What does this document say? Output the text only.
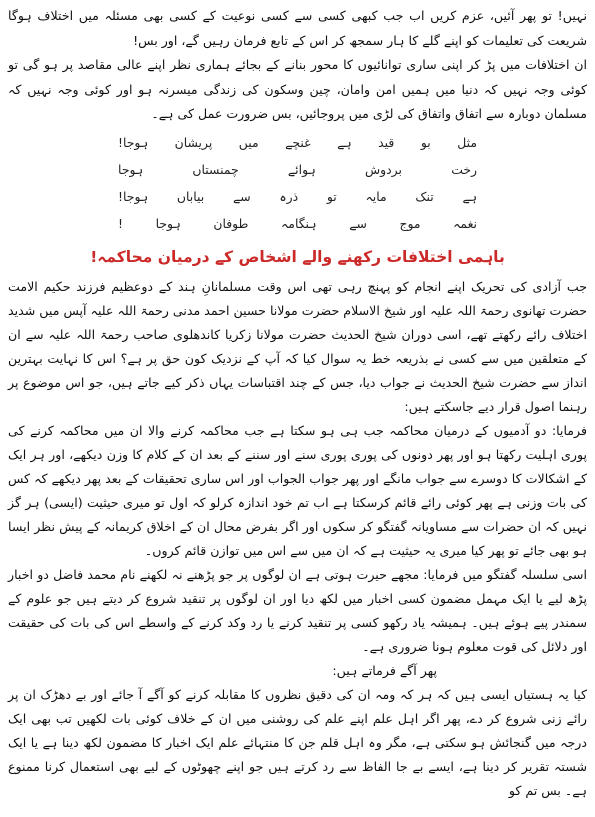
نہیں! تو پھر آئیں، عزم کریں اب جب کبھی کسی سے کسی نوعیت کے کسی بھی مسئلہ میں اختلاف ہوگا شریعت کی تعلیمات کو اپنے گلے کا ہار سمجھ کر اس کے تابع فرمان رہیں گے، اور بس!

ان اختلافات میں پڑ کر اپنی ساری توانائیوں کا محور بنانے کے بجائے ہماری نظر اپنے عالی مقاصد پر ہو گی تو کوئی وجہ نہیں کہ دنیا میں ہمیں امن وامان، چین وسکون کی زندگی میسرنہ ہو اور کوئی وجہ نہیں کہ مسلمان دوبارہ سے اتفاق واتفاق کی لڑی میں پروجائیں، بس ضرورت عمل کی ہے۔

مثل
بو
قید
ہے
غنچے
میں
پریشان
ہوجا!
رخت
بردوش
ہوائے
چمنستاں
ہوجا
ہے
تنک
مایہ
تو
ذرہ
سے
بیاباں
ہوجا!
نغمہ
موج
سے
ہنگامہ
طوفان
ہوجا
!
باہمی اختلافات رکھنے والے اشخاص کے درمیان محاکمہ!

جب آزادی کی تحریک اپنے انجام کو پہنچ رہی تھی اس وقت مسلمانانِ ہند کے دوعظیم فرزند حکیم الامت حضرت تھانوی رحمۃ اللہ علیہ اور شیخ الاسلام حضرت مولانا حسین احمد مدنی رحمۃ اللہ علیہ آپس میں شدید اختلاف رائے رکھتے تھے، اسی دوران شیخ الحدیث حضرت مولانا زکریا کاندھلوی صاحب رحمۃ اللہ علیہ سے ان کے متعلقین میں سے کسی نے بذریعہ خط یہ سوال کیا کہ آپ کے نزدیک کون حق پر ہے؟ اس کا نہایت بہترین انداز سے حضرت شیخ الحدیث نے جواب دیا، جس کے چند اقتباسات یہاں ذکر کیے جاتے ہیں، جو اس موضوع پر رہنما اصول قرار دیے جاسکتے ہیں:

فرمایا: دو آدمیوں کے درمیان محاکمہ جب ہی ہو سکتا ہے جب محاکمہ کرنے والا ان میں محاکمہ کرنے کی پوری اہلیت رکھتا ہو اور پھر دونوں کی پوری پوری سنے اور سننے کے بعد ان کے کلام کا وزن دیکھے، اور ہر ایک کے اشکالات کا دوسرے سے جواب مانگے اور پھر جواب الجواب اور اس ساری تحقیقات کے بعد پھر دیکھے کہ کس کی بات وزنی ہے پھر کوئی رائے قائم کرسکتا ہے اب تم خود اندازہ کرلو کہ اول تو میری حیثیت (ایسی) ہر گز نہیں کہ ان حضرات سے مساویانہ گفتگو کر سکوں اور اگر بفرض محال ان کے اخلاق کریمانہ کے پیش نظر ایسا ہو بھی جائے تو پھر کیا میری یہ حیثیت ہے کہ ان میں سے اس میں توازن قائم کروں۔

اسی سلسلہ گفتگو میں فرمایا: مجھے حیرت ہوتی ہے ان لوگوں پر جو پڑھنے نہ لکھنے نام محمد فاضل دو اخبار پڑھ لیے یا ایک مہمل مضمون کسی اخبار میں لکھ دیا اور ان لوگوں پر تنقید شروع کر دیتے ہیں جو علوم کے سمندر پیے ہوئے ہیں۔ ہمیشہ یاد رکھو کسی پر تنقید کرنے یا رد وکد کرنے کے واسطے اس کی بات کی حقیقت اور دلائل کی قوت معلوم ہونا ضروری ہے۔

پھر آگے فرماتے ہیں:

کیا یہ ہستیاں ایسی ہیں کہ ہر کہ ومہ ان کی دقیق نظروں کا مقابلہ کرنے کو آگے آ جائے اور بے دھڑک ان پر رائے زنی شروع کر دے، پھر اگر اہل علم اپنے علم کی روشنی میں ان کے خلاف کوئی بات لکھیں تب بھی ایک درجہ میں گنجائش ہو سکتی ہے، مگر وہ اہل قلم جن کا منتہائے علم ایک اخبار کا مضمون لکھ دینا ہے یا ایک شستہ تقریر کر دینا ہے، ایسے بے جا الفاظ سے رد کرتے ہیں جو اپنے چھوٹوں کے لیے بھی استعمال کرنا ممنوع ہے۔ بس تم کو
